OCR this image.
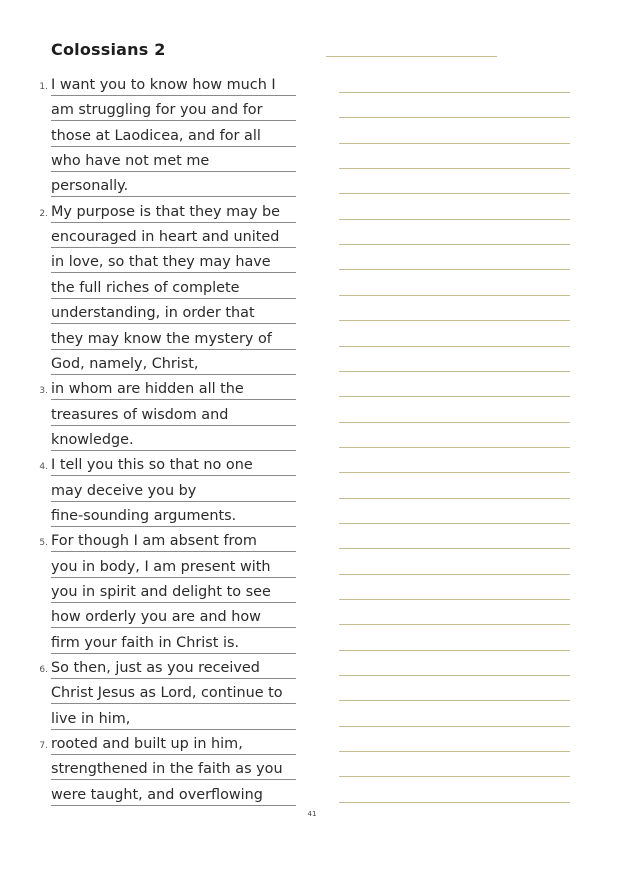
Colossians 2
1. I want you to know how much I
am struggling for you and for
those at Laodicea, and for all
who have not met me
personally.
2. My purpose is that they may be
encouraged in heart and united
in love, so that they may have
the full riches of complete
understanding, in order that
they may know the mystery of
God, namely, Christ,
3. in whom are hidden all the
treasures of wisdom and
knowledge.
4. I tell you this so that no one
may deceive you by
fine-sounding arguments.
5. For though I am absent from
you in body, I am present with
you in spirit and delight to see
how orderly you are and how
firm your faith in Christ is.
6. So then, just as you received
Christ Jesus as Lord, continue to
live in him,
7. rooted and built up in him,
strengthened in the faith as you
were taught, and overflowing
41
